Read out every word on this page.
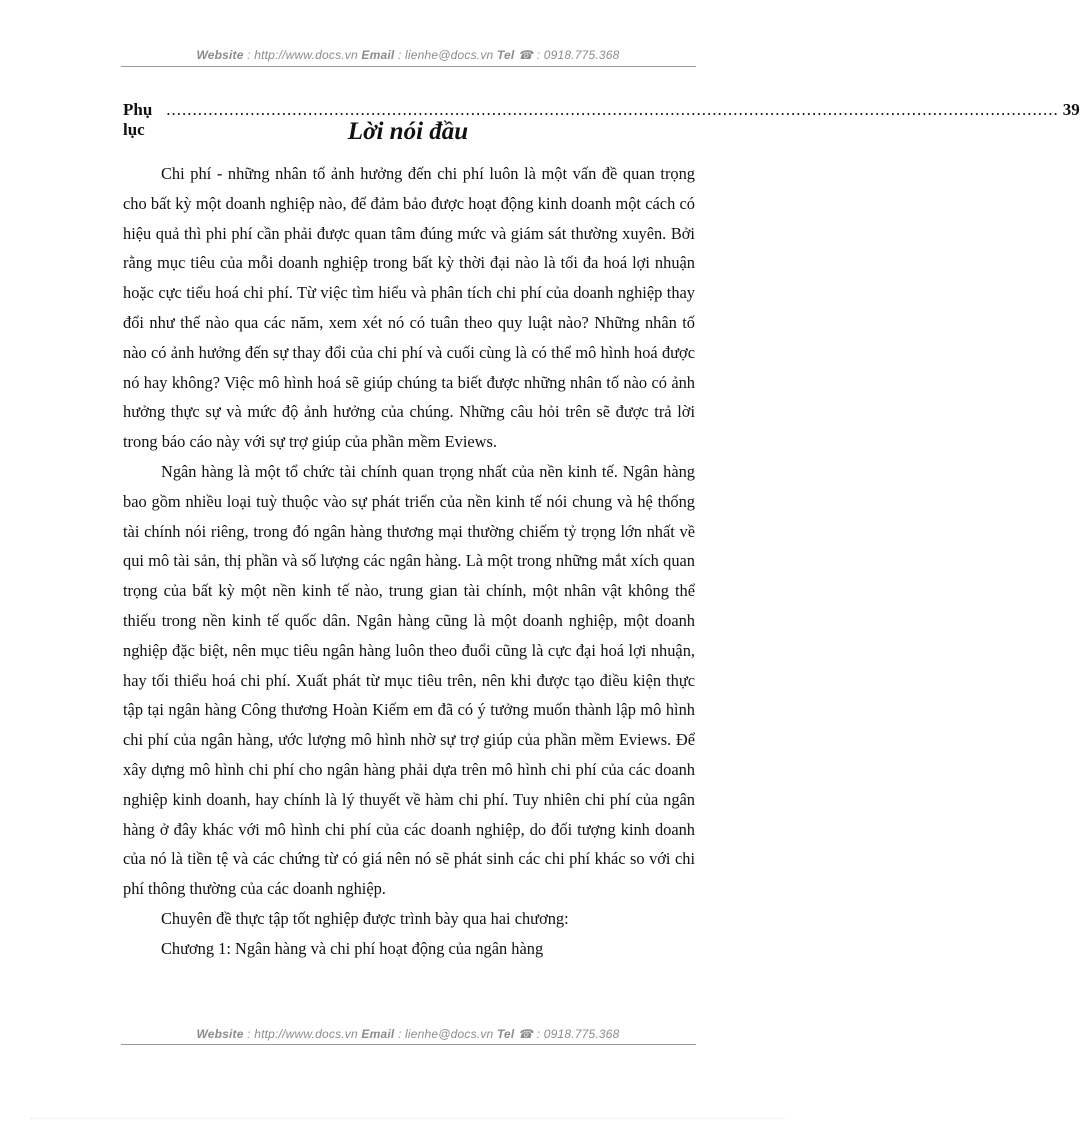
Website : http://www.docs.vn Email : lienhe@docs.vn Tel ☎ : 0918.775.368
Phụ lục
.......................................................................................................................................................................... 39
Lời nói đầu

Chi phí - những nhân tố ảnh hưởng đến chi phí luôn là một vấn đề quan trọng cho bất kỳ một doanh nghiệp nào, để đảm bảo được hoạt động kinh doanh một cách có hiệu quả thì phi phí cần phải được quan tâm đúng mức và giám sát thường xuyên. Bởi rằng mục tiêu của mỗi doanh nghiệp trong bất kỳ thời đại nào là tối đa hoá lợi nhuận hoặc cực tiểu hoá chi phí. Từ việc tìm hiểu và phân tích chi phí của doanh nghiệp thay đổi như thế nào qua các năm, xem xét nó có tuân theo quy luật nào? Những nhân tố nào có ảnh hưởng đến sự thay đổi của chi phí và cuối cùng là có thể mô hình hoá được nó hay không? Việc mô hình hoá sẽ giúp chúng ta biết được những nhân tố nào có ảnh hưởng thực sự và mức độ ảnh hưởng của chúng. Những câu hỏi trên sẽ được trả lời trong báo cáo này với sự trợ giúp của phần mềm Eviews.

Ngân hàng là một tổ chức tài chính quan trọng nhất của nền kinh tế. Ngân hàng bao gồm nhiều loại tuỳ thuộc vào sự phát triển của nền kinh tế nói chung và hệ thống tài chính nói riêng, trong đó ngân hàng thương mại thường chiếm tỷ trọng lớn nhất về qui mô tài sản, thị phần và số lượng các ngân hàng. Là một trong những mắt xích quan trọng của bất kỳ một nền kinh tế nào, trung gian tài chính, một nhân vật không thể thiếu trong nền kinh tế quốc dân. Ngân hàng cũng là một doanh nghiệp, một doanh nghiệp đặc biệt, nên mục tiêu ngân hàng luôn theo đuổi cũng là cực đại hoá lợi nhuận, hay tối thiểu hoá chi phí. Xuất phát từ mục tiêu trên, nên khi được tạo điều kiện thực tập tại ngân hàng Công thương Hoàn Kiếm em đã có ý tưởng muốn thành lập mô hình chi phí của ngân hàng, ước lượng mô hình nhờ sự trợ giúp của phần mềm Eviews. Để xây dựng mô hình chi phí cho ngân hàng phải dựa trên mô hình chi phí của các doanh nghiệp kinh doanh, hay chính là lý thuyết về hàm chi phí. Tuy nhiên chi phí của ngân hàng ở đây khác với mô hình chi phí của các doanh nghiệp, do đối tượng kinh doanh của nó là tiền tệ và các chứng từ có giá nên nó sẽ phát sinh các chi phí khác so với chi phí thông thường của các doanh nghiệp.

Chuyên đề thực tập tốt nghiệp được trình bày qua hai chương:

Chương 1: Ngân hàng và chi phí hoạt động của ngân hàng

Website : http://www.docs.vn Email : lienhe@docs.vn Tel ☎ : 0918.775.368
